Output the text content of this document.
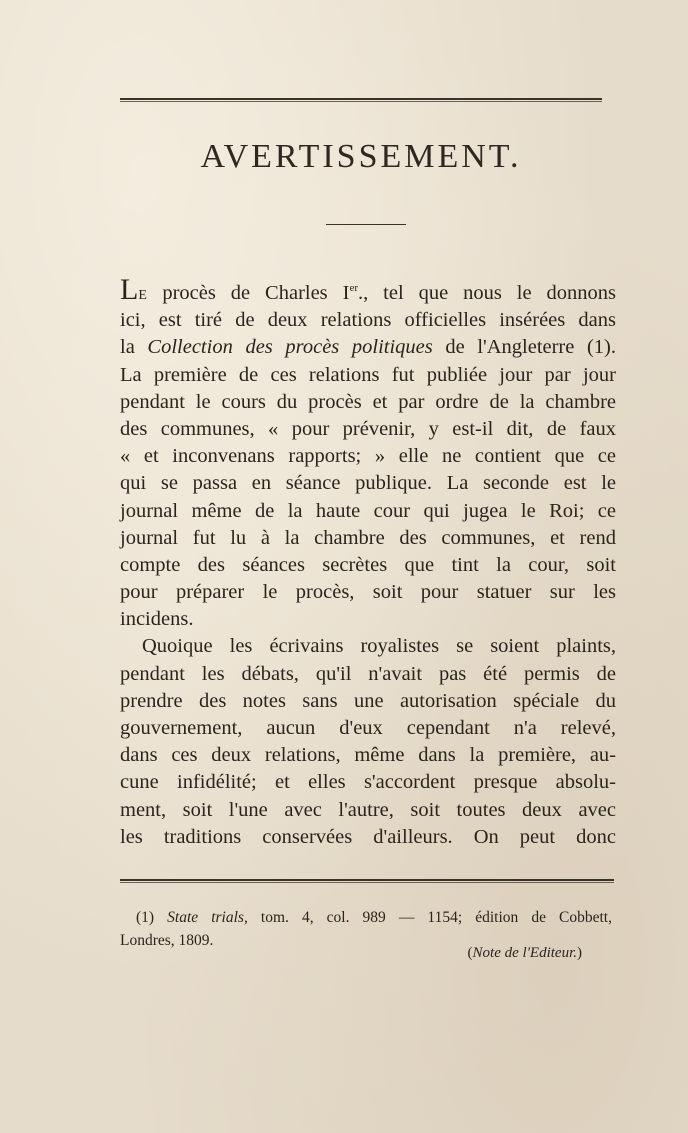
AVERTISSEMENT.
LE procès de Charles Ier., tel que nous le donnons
ici, est tiré de deux relations officielles insérées dans
la Collection des procès politiques de l'Angleterre (1).
La première de ces relations fut publiée jour par jour
pendant le cours du procès et par ordre de la chambre
des communes, « pour prévenir, y est-il dit, de faux
« et inconvenans rapports; » elle ne contient que ce
qui se passa en séance publique. La seconde est le
journal même de la haute cour qui jugea le Roi; ce
journal fut lu à la chambre des communes, et rend
compte des séances secrètes que tint la cour, soit
pour préparer le procès, soit pour statuer sur les
incidens.
Quoique les écrivains royalistes se soient plaints,
pendant les débats, qu'il n'avait pas été permis de
prendre des notes sans une autorisation spéciale du
gouvernement, aucun d'eux cependant n'a relevé,
dans ces deux relations, même dans la première, au-
cune infidélité; et elles s'accordent presque absolu-
ment, soit l'une avec l'autre, soit toutes deux avec
les traditions conservées d'ailleurs. On peut donc
(1) State trials, tom. 4, col. 989 — 1154; édition de Cobbett,
Londres, 1809.
(Note de l'Editeur.)
